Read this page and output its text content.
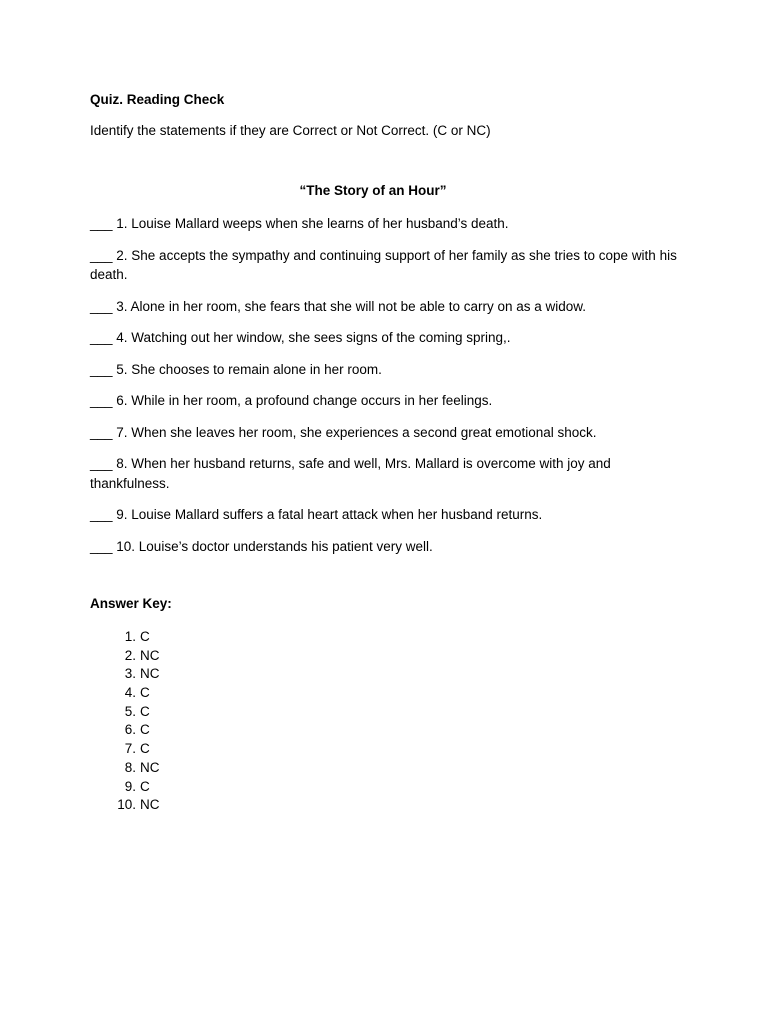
Quiz. Reading Check

Identify the statements if they are Correct or Not Correct. (C or NC)

“The Story of an Hour”

___ 1. Louise Mallard weeps when she learns of her husband’s death.
___ 2. She accepts the sympathy and continuing support of her family as she tries to cope with his death.
___ 3. Alone in her room, she fears that she will not be able to carry on as a widow.
___ 4. Watching out her window, she sees signs of the coming spring,.
___ 5. She chooses to remain alone in her room.
___ 6. While in her room, a profound change occurs in her feelings.
___ 7. When she leaves her room, she experiences a second great emotional shock.
___ 8. When her husband returns, safe and well, Mrs. Mallard is overcome with joy and thankfulness.
___ 9. Louise Mallard suffers a fatal heart attack when her husband returns.
___ 10. Louise’s doctor understands his patient very well.

Answer Key:

1. C
2. NC
3. NC
4. C
5. C
6. C
7. C
8. NC
9. C
10. NC
